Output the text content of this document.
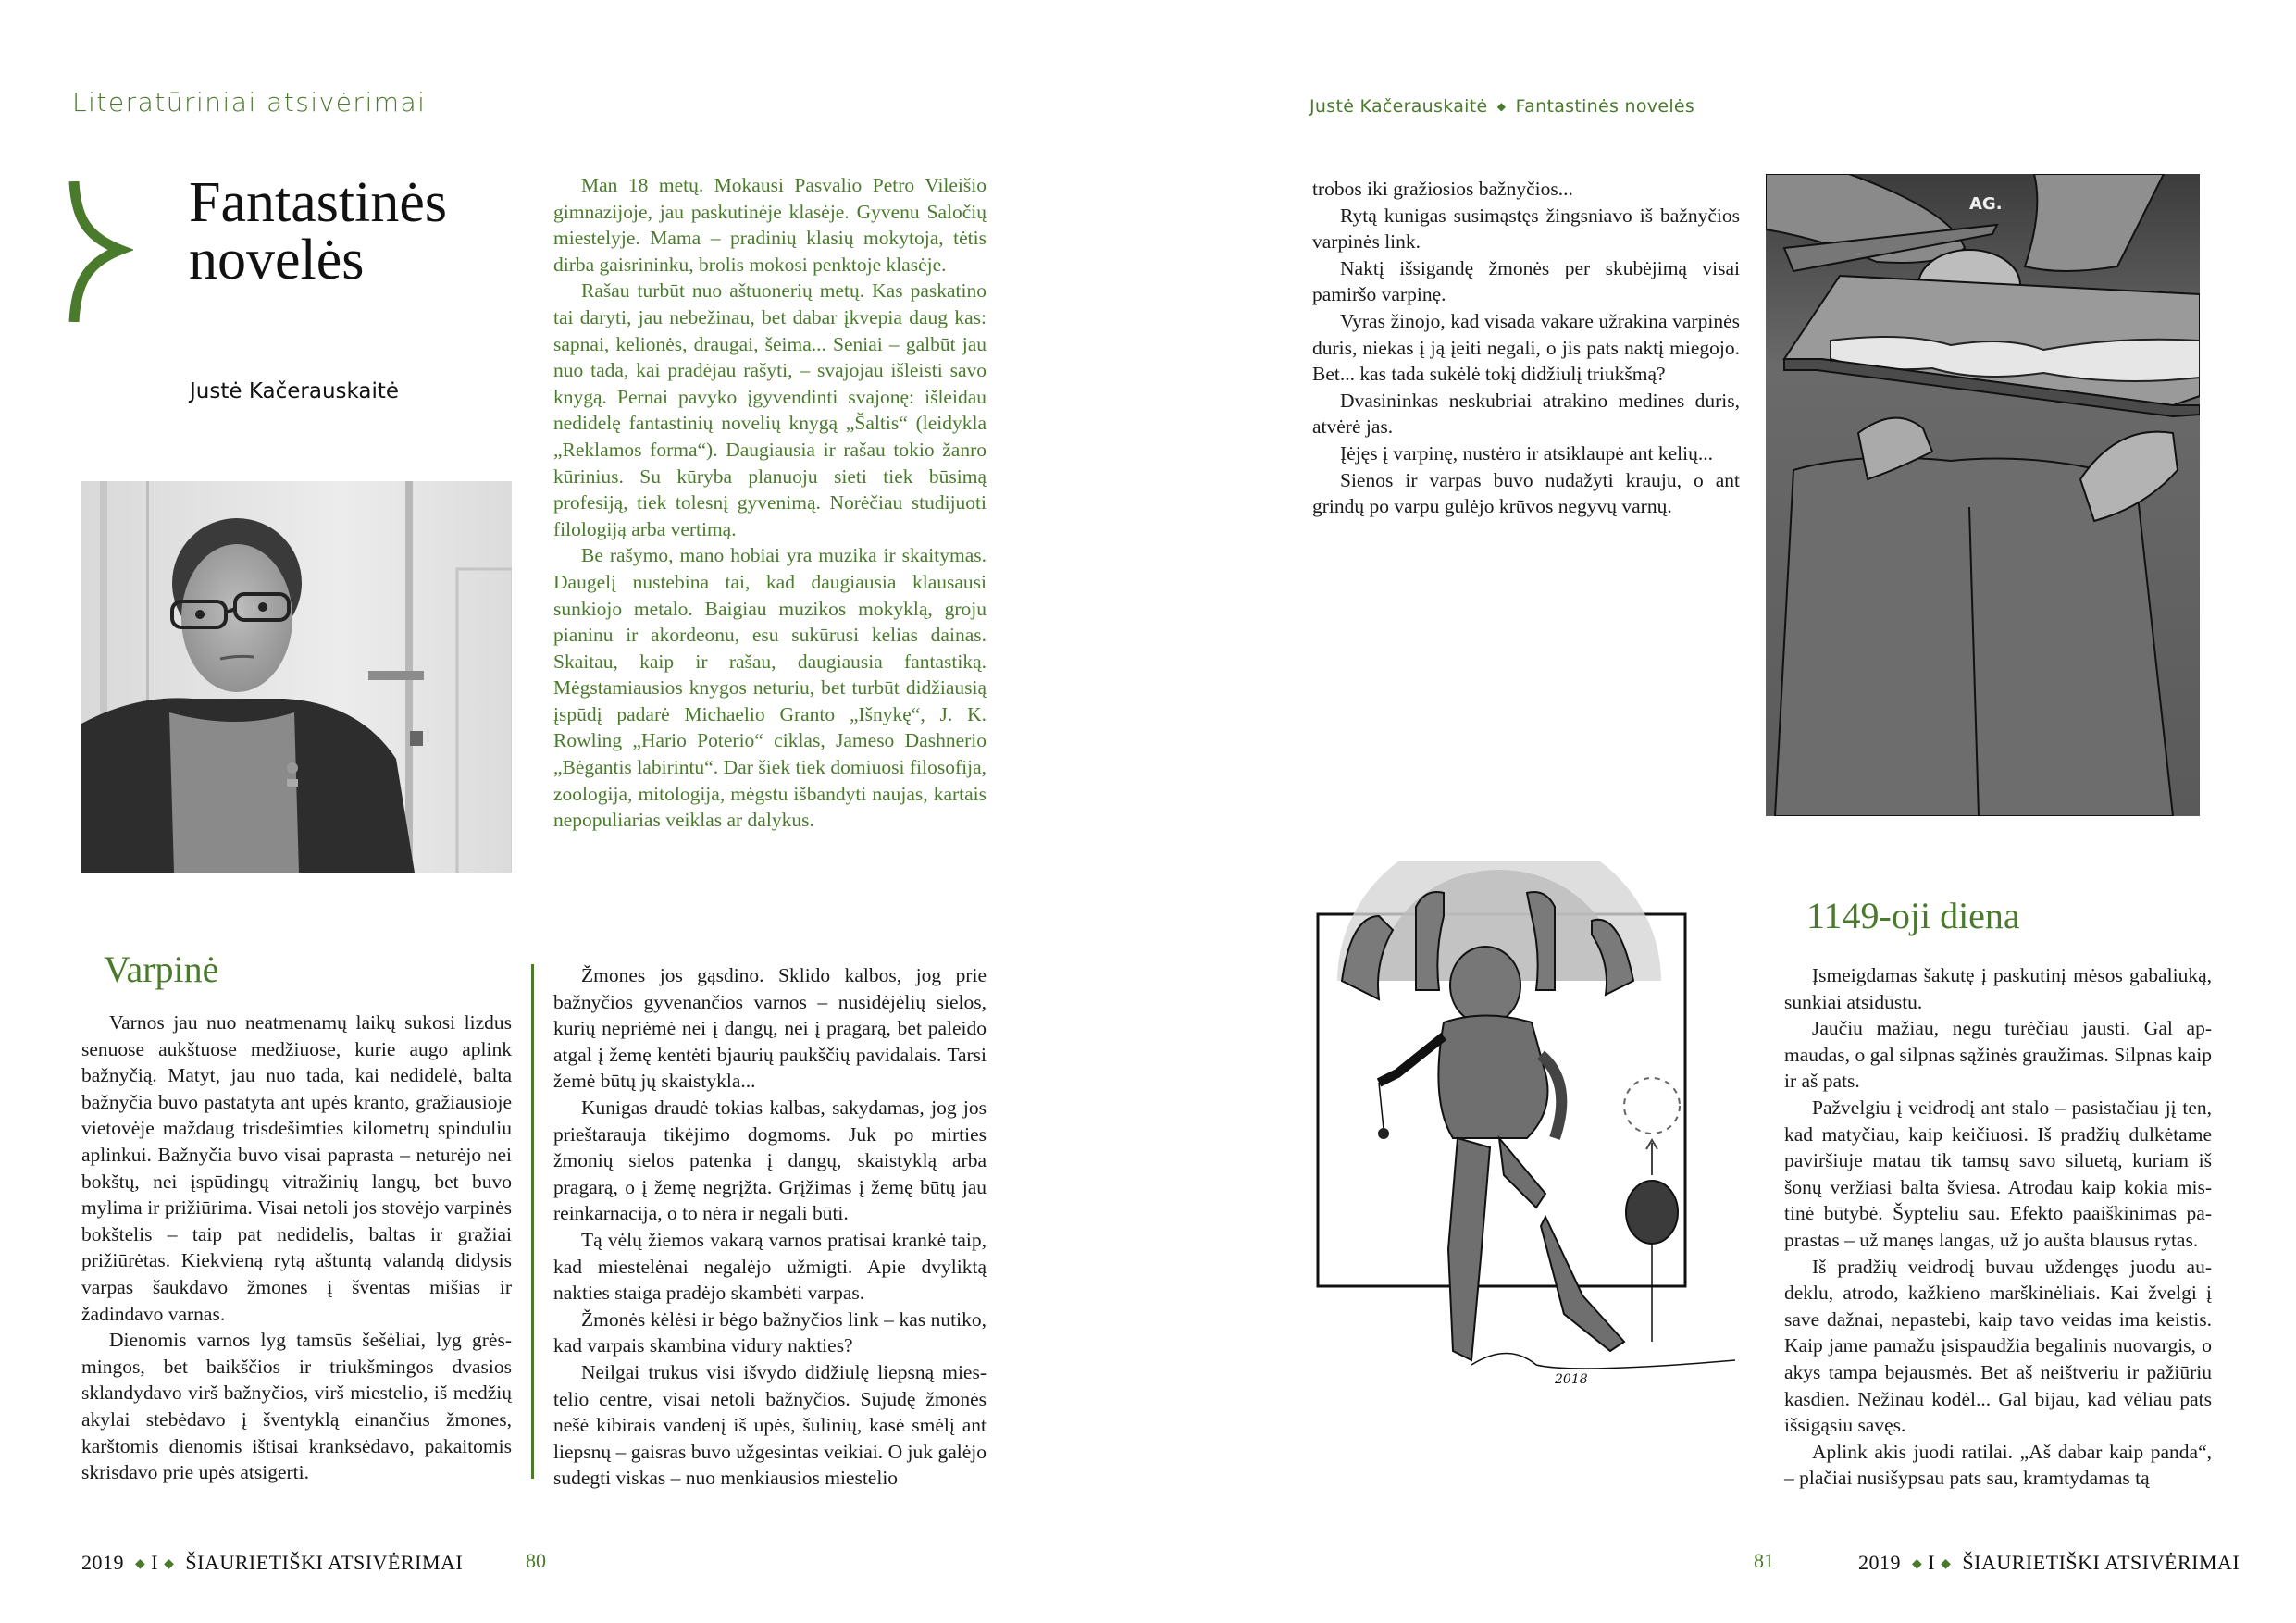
Literatūriniai atsivėrimai
Fantastinės
novelės
Justė Kačerauskaitė

Man 18 metų. Mokausi Pasvalio Petro Vileišio gimnazijoje, jau paskutinėje klasėje. Gyvenu Saločių miestelyje. Mama – pradinių klasių mokytoja, tėtis dirba gaisrininku, brolis mokosi penktoje klasėje.

Rašau turbūt nuo aštuonerių metų. Kas paskatino tai daryti, jau nebežinau, bet dabar įkvepia daug kas: sapnai, kelionės, draugai, šeima... Seniai – galbūt jau nuo tada, kai pradėjau rašyti, – svajojau išleisti savo knygą. Pernai pavyko įgyvendinti svajonę: išleidau nedidelę fantastinių novelių knygą „Šaltis“ (leidykla „Reklamos forma“). Daugiausia ir rašau tokio žanro kūrinius. Su kūryba planuoju sieti tiek būsimą profesiją, tiek tolesnį gyvenimą. Norėčiau studijuoti filologiją arba vertimą.

Be rašymo, mano hobiai yra muzika ir skaitymas. Daugelį nustebina tai, kad daugiausia klausausi sunkiojo metalo. Baigiau muzikos mokyklą, groju pianinu ir akordeonu, esu sukūrusi kelias dainas. Skaitau, kaip ir rašau, daugiausia fantastiką. Mėgstamiausios knygos neturiu, bet turbūt didžiausią įspūdį padarė Michaelio Granto „Išnykę“, J. K. Rowling „Hario Poterio“ ciklas, Jameso Dashnerio „Bėgantis labirintu“. Dar šiek tiek domiuosi filosofija, zoologija, mitologija, mėgstu išbandyti naujas, kartais nepopuliarias veiklas ar dalykus.

Varpinė

Varnos jau nuo neatmenamų laikų sukosi lizdus senuose aukštuose medžiuose, kurie augo aplink bažnyčią. Matyt, jau nuo tada, kai nedidelė, balta bažnyčia buvo pastatyta ant upės kranto, gražiausioje vietovėje maždaug trisdešimties kilometrų spinduliu aplinkui. Bažnyčia buvo visai paprasta – neturėjo nei bokštų, nei įspūdingų vitražinių langų, bet buvo mylima ir prižiūrima. Visai netoli jos stovėjo varpinės bokštelis – taip pat nedidelis, baltas ir gražiai prižiūrėtas. Kiekvieną rytą aštuntą valandą didysis varpas šaukdavo žmones į šventas mišias ir žadindavo varnas.

Dienomis varnos lyg tamsūs šešėliai, lyg grėsmingos, bet baikščios ir triukšmingos dvasios sklandydavo virš bažnyčios, virš miestelio, iš medžių akylai stebėdavo į šventyklą einančius žmones, karštomis dienomis ištisai kranksėdavo, pakaitomis skrisdavo prie upės atsigerti.

Žmones jos gąsdino. Sklido kalbos, jog prie bažnyčios gyvenančios varnos – nusidėjėlių sielos, kurių nepriėmė nei į dangų, nei į pragarą, bet paleido atgal į žemę kentėti bjaurių paukščių pavidalais. Tarsi žemė būtų jų skaistykla...

Kunigas draudė tokias kalbas, sakydamas, jog jos prieštarauja tikėjimo dogmoms. Juk po mirties žmonių sielos patenka į dangų, skaistyklą arba pragarą, o į žemę negrįžta. Grįžimas į žemę būtų jau reinkarnacija, o to nėra ir negali būti.

Tą vėlų žiemos vakarą varnos pratisai krankė taip, kad miestelėnai negalėjo užmigti. Apie dvyliktą nakties staiga pradėjo skambėti varpas.

Žmonės kėlėsi ir bėgo bažnyčios link – kas nutiko, kad varpais skambina vidury nakties?

Neilgai trukus visi išvydo didžiulę liepsną miestelio centre, visai netoli bažnyčios. Sujudę žmonės nešė kibirais vandenį iš upės, šulinių, kasė smėlį ant liepsnų – gaisras buvo užgesintas veikiai. O juk galėjo sudegti viskas – nuo menkiausios miestelio

2019 ◆ I ◆ ŠIAURIETIŠKI ATSIVĖRIMAI	80
Justė Kačerauskaitė ◆ Fantastinės novelės

trobos iki gražiosios bažnyčios...

Rytą kunigas susimąstęs žingsniavo iš bažnyčios varpinės link.

Naktį išsigandę žmonės per skubėjimą visai pamiršo varpinę.

Vyras žinojo, kad visada vakare užrakina varpinės duris, niekas į ją įeiti negali, o jis pats naktį miegojo. Bet... kas tada sukėlė tokį didžiulį triukšmą?

Dvasininkas neskubriai atrakino medines duris, atvėrė jas.

Įėjęs į varpinę, nustėro ir atsiklaupė ant kelių...

Sienos ir varpas buvo nudažyti krauju, o ant grindų po varpu gulėjo krūvos negyvų varnų.

AG.
2018
1149-oji diena

Įsmeigdamas šakutę į paskutinį mėsos gabaliuką, sunkiai atsidūstu.

Jaučiu mažiau, negu turėčiau jausti. Gal apmaudas, o gal silpnas sąžinės graužimas. Silpnas kaip ir aš pats.

Pažvelgiu į veidrodį ant stalo – pasistačiau jį ten, kad matyčiau, kaip keičiuosi. Iš pradžių dulkėtame paviršiuje matau tik tamsų savo siluetą, kuriam iš šonų veržiasi balta šviesa. Atrodau kaip kokia mistinė būtybė. Šypteliu sau. Efekto paaiškinimas paprastas – už manęs langas, už jo aušta blausus rytas.

Iš pradžių veidrodį buvau uždengęs juodu audeklu, atrodo, kažkieno marškinėliais. Kai žvelgi į save dažnai, nepastebi, kaip tavo veidas ima keistis. Kaip jame pamažu įsispaudžia begalinis nuovargis, o akys tampa bejausmės. Bet aš neištveriu ir pažiūriu kasdien. Nežinau kodėl... Gal bijau, kad vėliau pats išsigąsiu savęs.

Aplink akis juodi ratilai. „Aš dabar kaip panda“, – plačiai nusišypsau pats sau, kramtydamas tą

81	2019 ◆ I ◆ ŠIAURIETIŠKI ATSIVĖRIMAI
